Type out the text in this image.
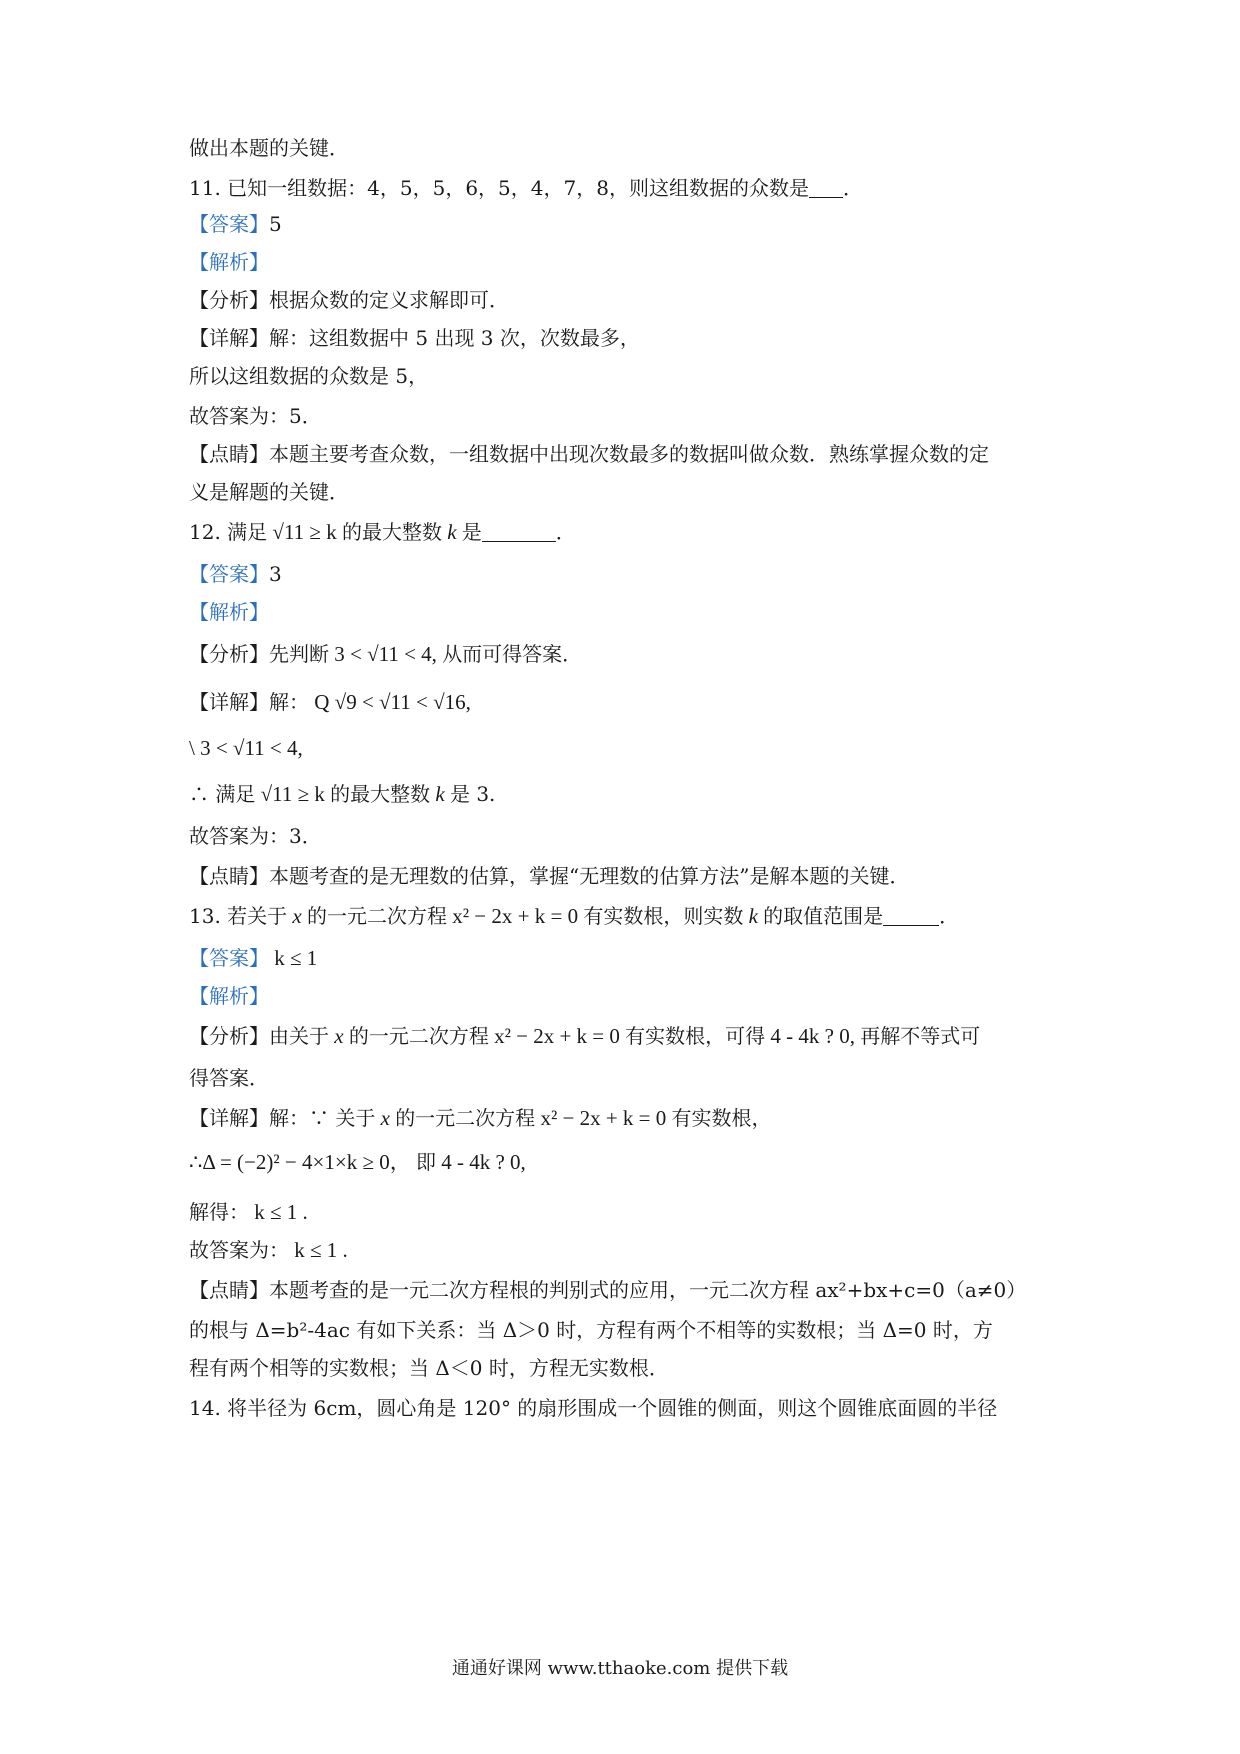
做出本题的关键．
11. 已知一组数据：4，5，5，6，5，4，7，8，则这组数据的众数是 ．
【答案】5
【解析】
【分析】根据众数的定义求解即可．
【详解】解：这组数据中 5 出现 3 次，次数最多，
所以这组数据的众数是 5，
故答案为：5．
【点睛】本题主要考查众数，一组数据中出现次数最多的数据叫做众数．熟练掌握众数的定
义是解题的关键．
12. 满足 √11 ≥ k 的最大整数 k 是	．
【答案】3
【解析】
【分析】先判断 3 < √11 < 4, 从而可得答案．
【详解】解： Q √9 < √11 < √16,
\ 3 < √11 < 4,
∴ 满足 √11 ≥ k 的最大整数 k 是 3.
故答案为：3．
【点睛】本题考查的是无理数的估算，掌握“无理数的估算方法”是解本题的关键．
13. 若关于 x 的一元二次方程 x² − 2x + k = 0 有实数根，则实数 k 的取值范围是	．
【答案】 k ≤ 1
【解析】
【分析】由关于 x 的一元二次方程 x² − 2x + k = 0 有实数根，可得 4 - 4k ? 0, 再解不等式可
得答案．
【详解】解：∵ 关于 x 的一元二次方程 x² − 2x + k = 0 有实数根，
∴Δ = (−2)² − 4×1×k ≥ 0， 即 4 - 4k ? 0,
解得： k ≤ 1 .
故答案为： k ≤ 1 .
【点睛】本题考查的是一元二次方程根的判别式的应用，一元二次方程 ax²+bx+c=0（a≠0）
的根与 Δ=b²-4ac 有如下关系：当 Δ＞0 时，方程有两个不相等的实数根；当 Δ=0 时，方
程有两个相等的实数根；当 Δ＜0 时，方程无实数根．
14. 将半径为 6cm，圆心角是 120° 的扇形围成一个圆锥的侧面，则这个圆锥底面圆的半径
通通好课网 www.tthaoke.com 提供下载
